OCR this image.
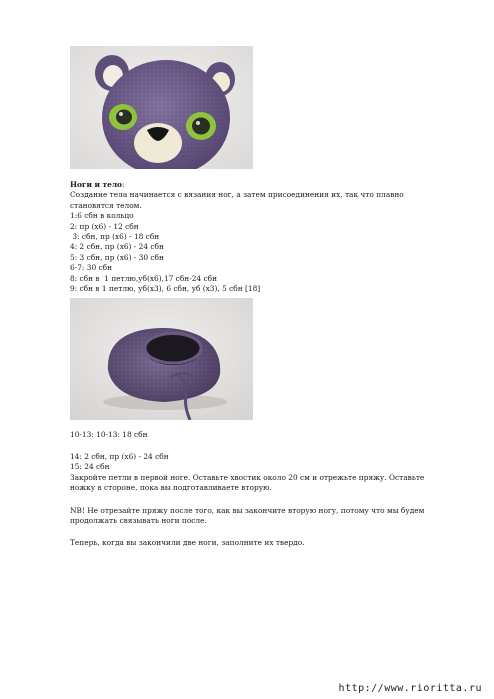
Ноги и тело:
Создание тела начинается с вязания ног, а затем присоединения их, так что плавно
становятся телом.
1:6 сбн в кольцо
2: пр (х6) - 12 сбн
3: сбн, пр (х6) - 18 сбн
4: 2 сбн, пр (х6) - 24 сбн
5: 3 сбн, пр (х6) - 30 сбн
6-7: 30 сбн
8: сбн в  1 петлю,уб(х6),17 сбн-24 сбн
9: сбн в 1 петлю, уб(х3), 6 сбн, уб (х3), 5 сбн [18]
10-13: 10-13: 18 сбн
14: 2 сбн, пр (х6) - 24 сбн
15: 24 сбн
Закройте петли в первой ноге. Оставьте хвостик около 20 см и отрежьте пряжу. Оставьте
ножку в стороне, пока вы подготавливаете вторую.
NB! Не отрезайте пряжу после того, как вы закончите вторую ногу, потому что мы будем
продолжать связывать ноги после.
Теперь, когда вы закончили две ноги, заполните их твердо.
http://www.rioritta.ru
